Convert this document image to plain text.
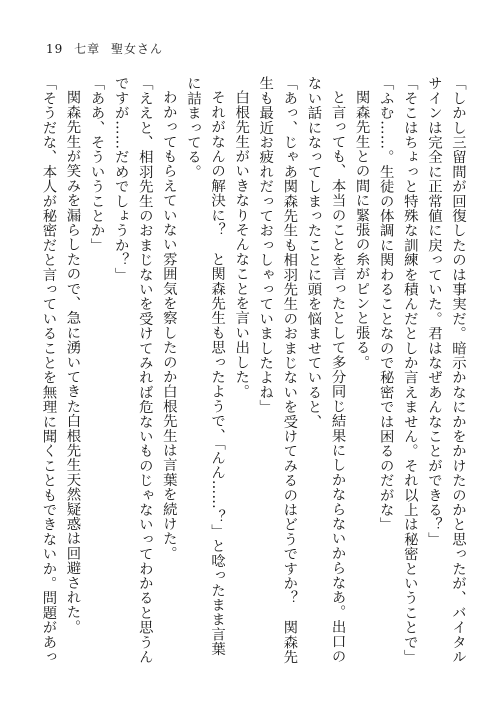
19 七章 聖女さん
「しかし三留間が回復したのは事実だ。暗示かなにかをかけたのかと思ったが、バイタル
サインは完全に正常値に戻っていた。君はなぜあんなことができる？」
「そこはちょっと特殊な訓練を積んだとしか言えません。それ以上は秘密ということで」
「ふむ……。生徒の体調に関わることなので秘密では困るのだがな」
関森先生との間に緊張の糸がピンと張る。
と言っても、本当のことを言ったとして多分同じ結果にしかならないからなあ。出口の
ない話になってしまったことに頭を悩ませていると、
「あっ、じゃあ関森先生も相羽先生のおまじないを受けてみるのはどうですか？　関森先
生も最近お疲れだっておっしゃっていましたよね」
白根先生がいきなりそんなことを言い出した。
それがなんの解決に？　と関森先生も思ったようで、「んん……？」と唸ったまま言葉
に詰まってる。
わかってもらえていない雰囲気を察したのか白根先生は言葉を続けた。
「ええと、相羽先生のおまじないを受けてみれば危ないものじゃないってわかると思うん
ですが……だめでしょうか？」
「ああ、そういうことか」
関森先生が笑みを漏らしたので、急に湧いてきた白根先生天然疑惑は回避された。
「そうだな、本人が秘密だと言っていることを無理に聞くこともできないか。問題があっ
